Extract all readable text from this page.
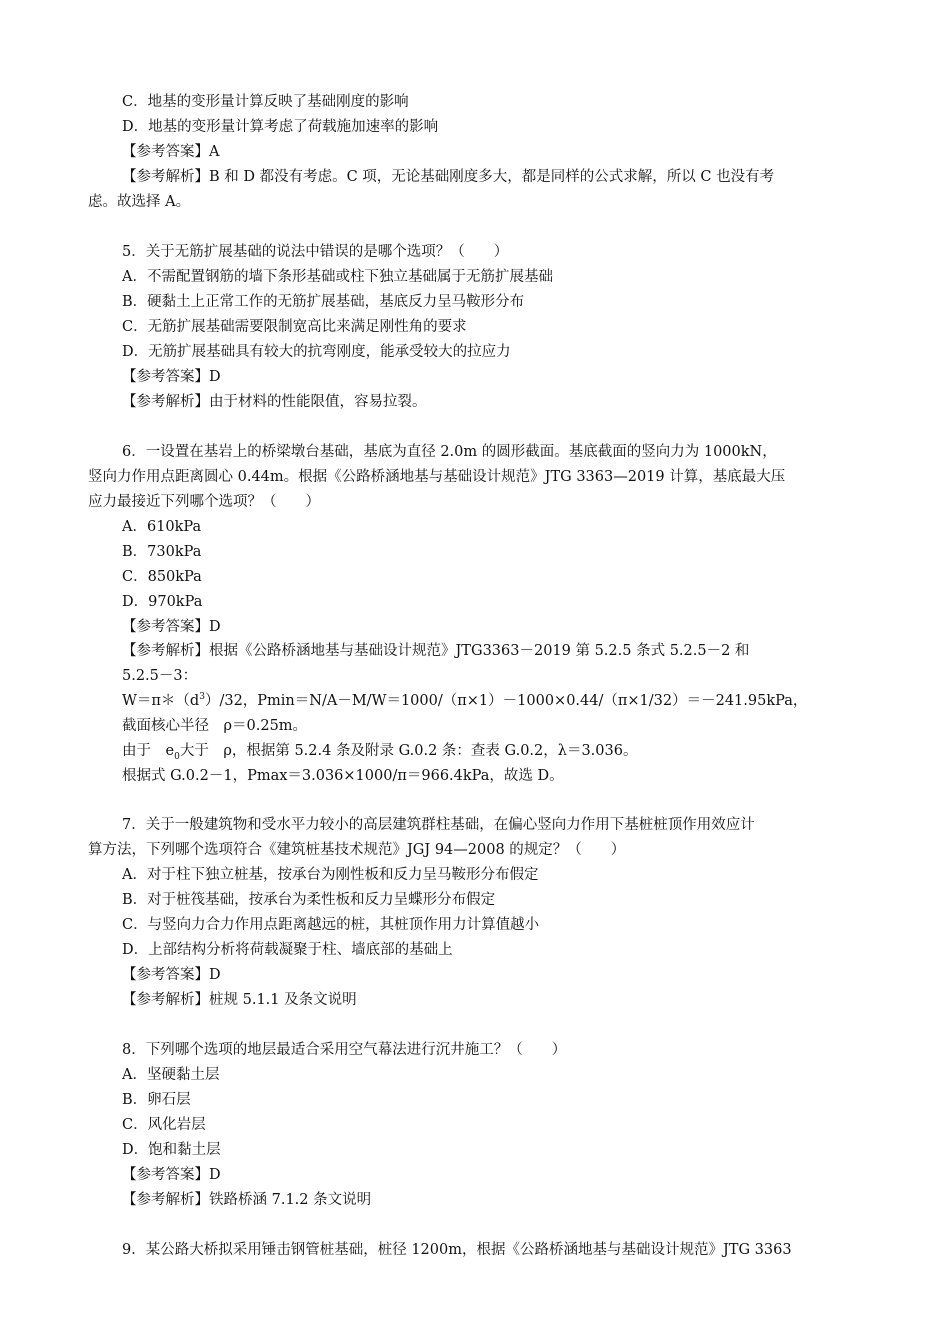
C．地基的变形量计算反映了基础刚度的影响
D．地基的变形量计算考虑了荷载施加速率的影响
【参考答案】A
【参考解析】B 和 D 都没有考虑。C 项，无论基础刚度多大，都是同样的公式求解，所以 C 也没有考
虑。故选择 A。
5．关于无筋扩展基础的说法中错误的是哪个选项？（　　）
A．不需配置钢筋的墙下条形基础或柱下独立基础属于无筋扩展基础
B．硬黏土上正常工作的无筋扩展基础，基底反力呈马鞍形分布
C．无筋扩展基础需要限制宽高比来满足刚性角的要求
D．无筋扩展基础具有较大的抗弯刚度，能承受较大的拉应力
【参考答案】D
【参考解析】由于材料的性能限值，容易拉裂。
6．一设置在基岩上的桥梁墩台基础，基底为直径 2.0m 的圆形截面。基底截面的竖向力为 1000kN，
竖向力作用点距离圆心 0.44m。根据《公路桥涵地基与基础设计规范》JTG 3363—2019 计算，基底最大压
应力最接近下列哪个选项？（　　）
A．610kPa
B．730kPa
C．850kPa
D．970kPa
【参考答案】D
【参考解析】根据《公路桥涵地基与基础设计规范》JTG3363－2019 第 5.2.5 条式 5.2.5－2 和
5.2.5－3：
$W=\pi*(d^3)/32$，Pmin＝N/A－M/W＝1000/（π×1）－1000×0.44/（π×1/32）＝－241.95kPa，
截面核心半径　ρ＝0.25m。
由于　$e_0$大于　ρ，根据第 5.2.4 条及附录 G.0.2 条：查表 G.0.2，λ＝3.036。
根据式 G.0.2－1，Pmax＝3.036×1000/π＝966.4kPa，故选 D。
7．关于一般建筑物和受水平力较小的高层建筑群柱基础，在偏心竖向力作用下基桩桩顶作用效应计
算方法，下列哪个选项符合《建筑桩基技术规范》JGJ 94—2008 的规定？（　　）
A．对于柱下独立桩基，按承台为刚性板和反力呈马鞍形分布假定
B．对于桩筏基础，按承台为柔性板和反力呈蝶形分布假定
C．与竖向力合力作用点距离越远的桩，其桩顶作用力计算值越小
D．上部结构分析将荷载凝聚于柱、墙底部的基础上
【参考答案】D
【参考解析】桩规 5.1.1 及条文说明
8．下列哪个选项的地层最适合采用空气幕法进行沉井施工？（　　）
A．坚硬黏土层
B．卵石层
C．风化岩层
D．饱和黏土层
【参考答案】D
【参考解析】铁路桥涵 7.1.2 条文说明
9．某公路大桥拟采用锤击钢管桩基础，桩径 1200m，根据《公路桥涵地基与基础设计规范》JTG 3363
